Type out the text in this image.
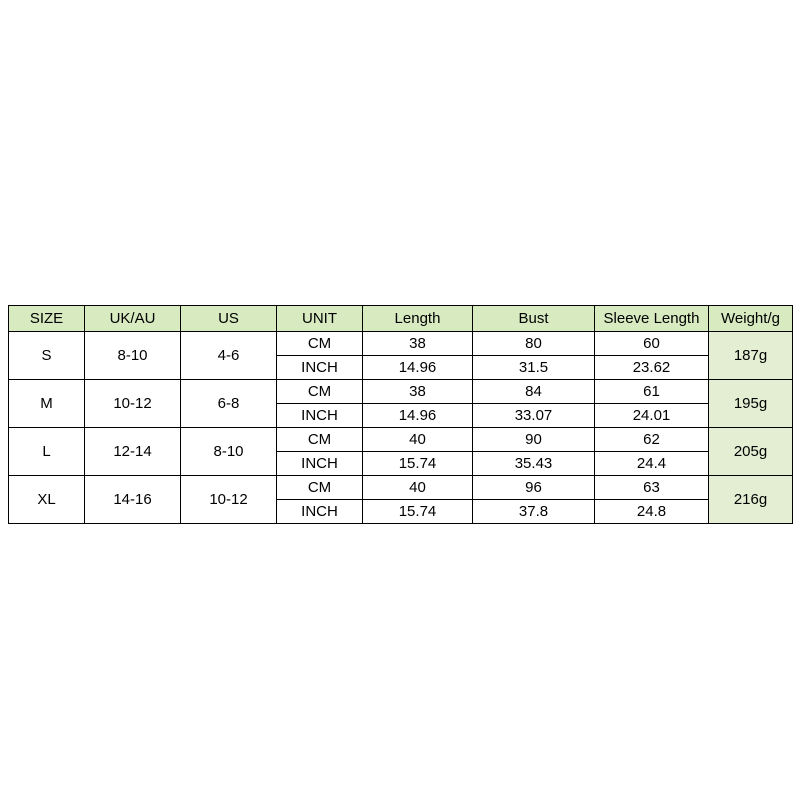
SIZE	UK/AU	US	UNIT	Length	Bust	Sleeve Length	Weight/g
S	8-10	4-6	CM	38	80	60	187g
			INCH	14.96	31.5	23.62	
M	10-12	6-8	CM	38	84	61	195g
			INCH	14.96	33.07	24.01	
L	12-14	8-10	CM	40	90	62	205g
			INCH	15.74	35.43	24.4	
XL	14-16	10-12	CM	40	96	63	216g
			INCH	15.74	37.8	24.8	
